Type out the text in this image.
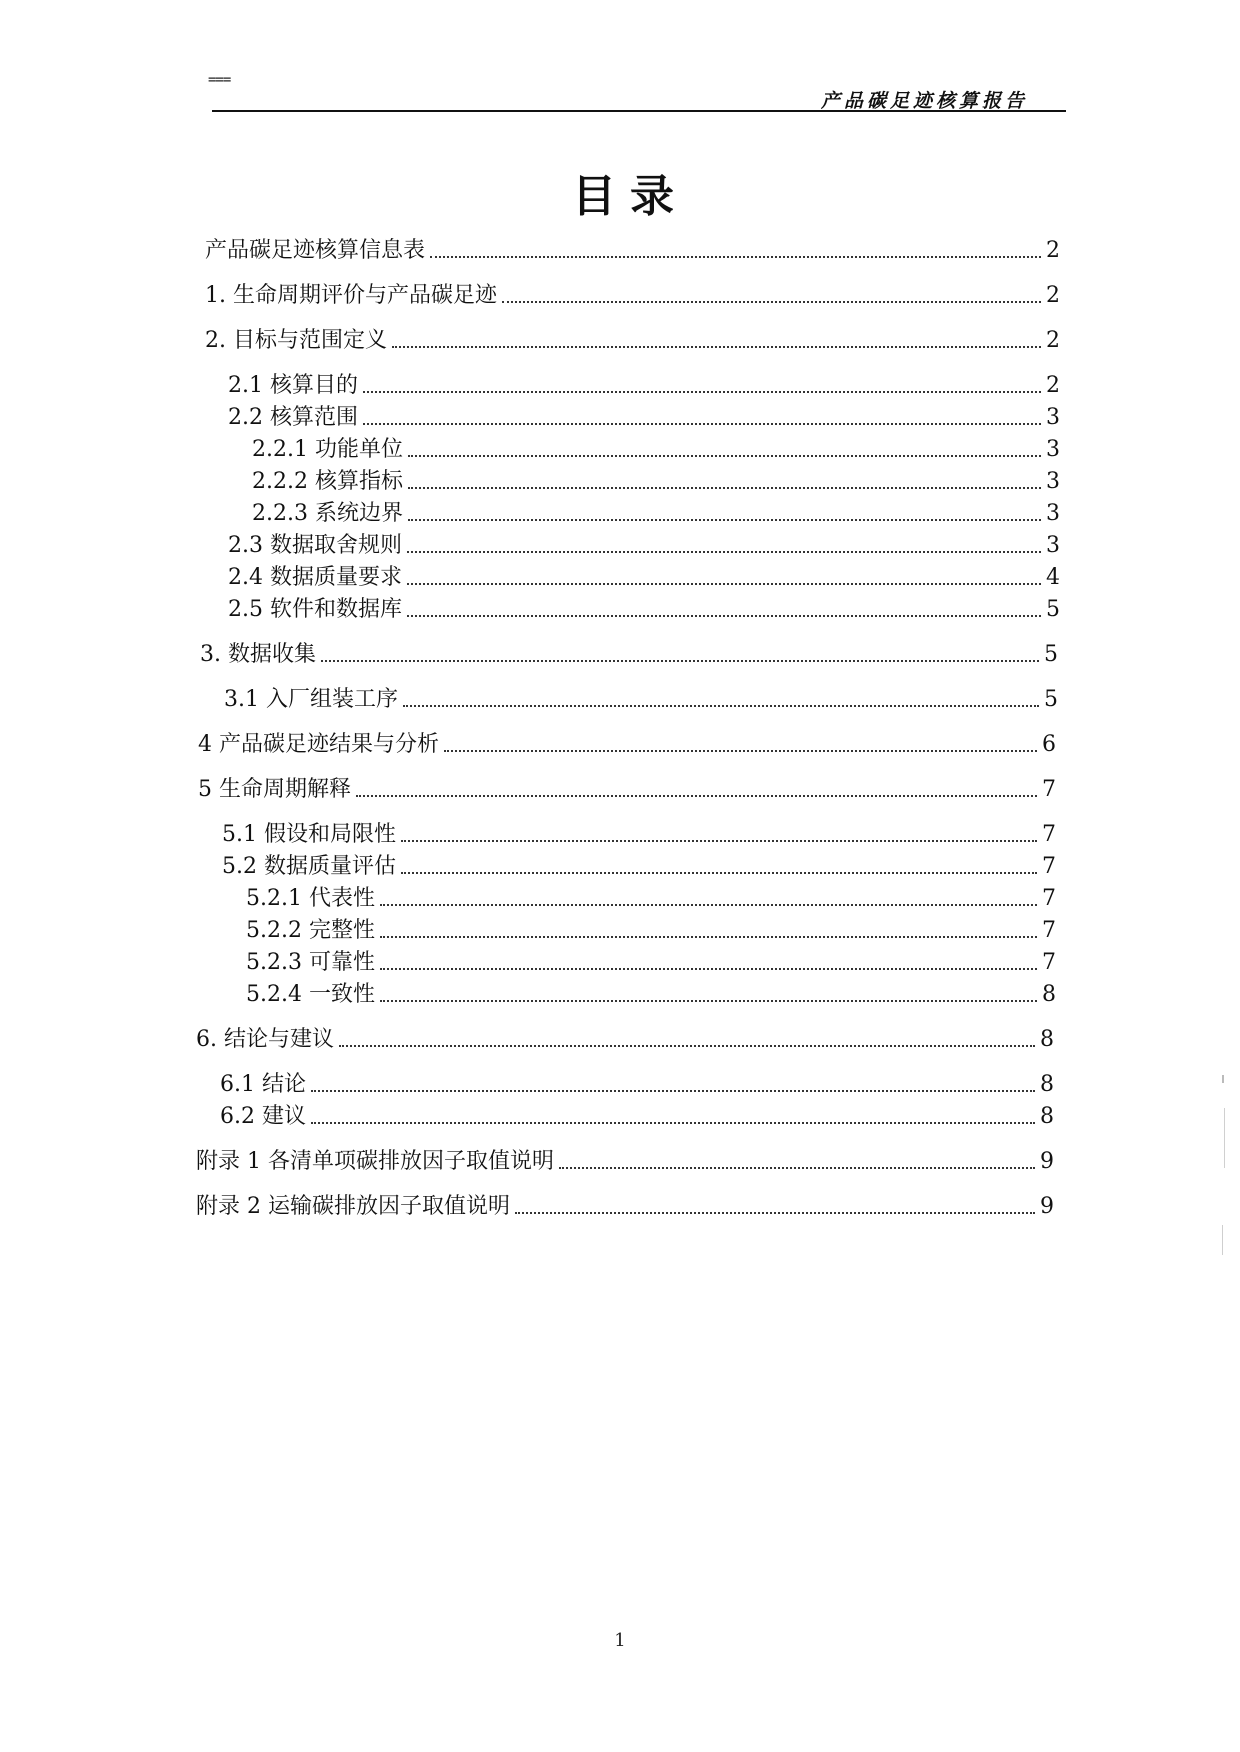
===
产品碳足迹核算报告
目录
产品碳足迹核算信息表	2
1. 生命周期评价与产品碳足迹	2
2. 目标与范围定义	2
2.1 核算目的	2
2.2 核算范围	3
2.2.1 功能单位	3
2.2.2 核算指标	3
2.2.3 系统边界	3
2.3 数据取舍规则	3
2.4 数据质量要求	4
2.5 软件和数据库	5
3. 数据收集	5
3.1 入厂组装工序	5
4 产品碳足迹结果与分析	6
5 生命周期解释	7
5.1 假设和局限性	7
5.2 数据质量评估	7
5.2.1 代表性	7
5.2.2 完整性	7
5.2.3 可靠性	7
5.2.4 一致性	8
6. 结论与建议	8
6.1 结论	8
6.2 建议	8
附录 1 各清单项碳排放因子取值说明	9
附录 2 运输碳排放因子取值说明	9
1
